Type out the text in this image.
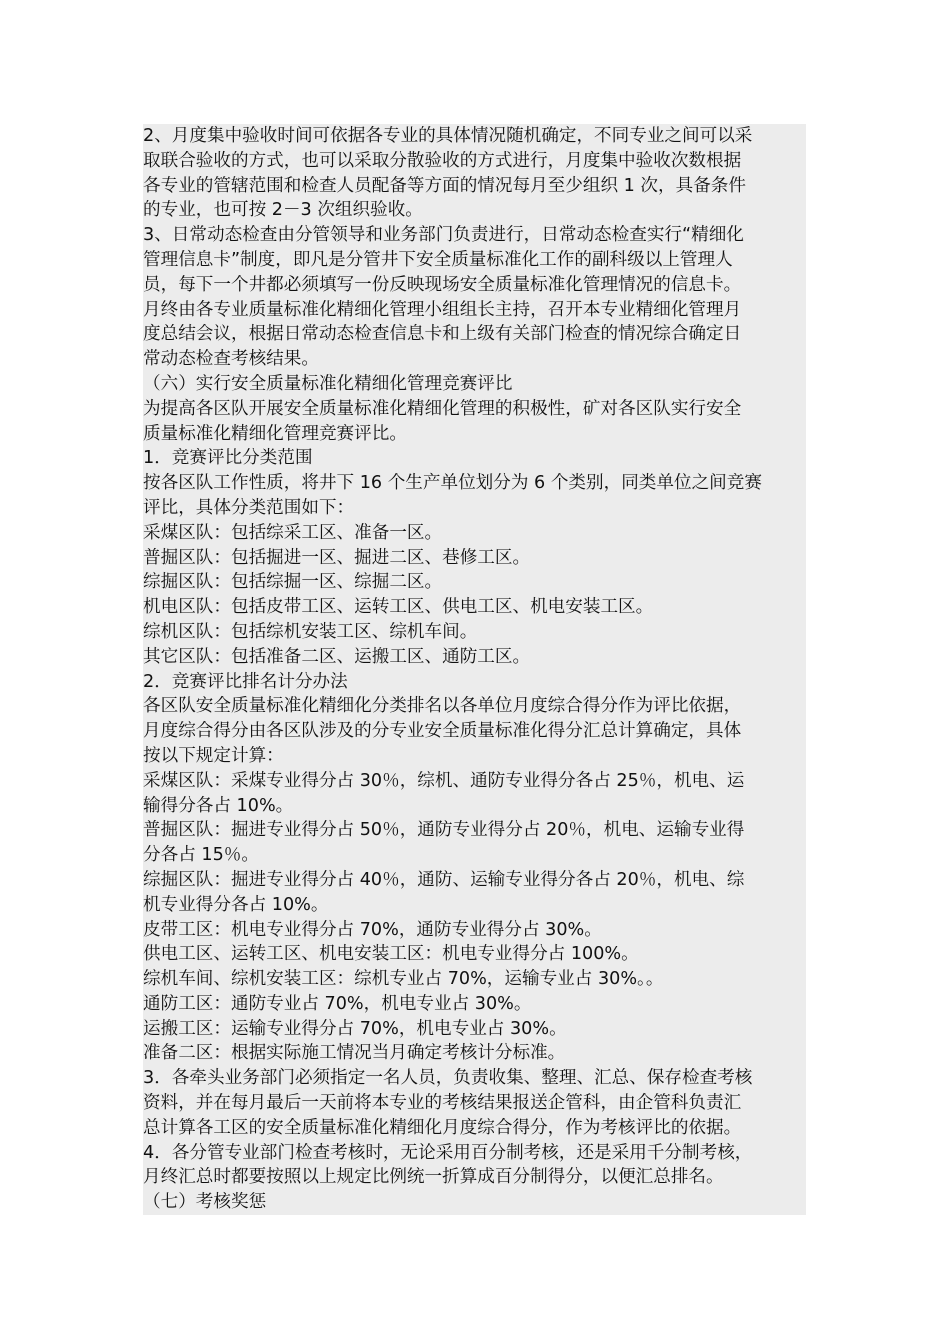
2、月度集中验收时间可依据各专业的具体情况随机确定，不同专业之间可以采
取联合验收的方式，也可以采取分散验收的方式进行，月度集中验收次数根据
各专业的管辖范围和检查人员配备等方面的情况每月至少组织 1 次，具备条件
的专业，也可按 2－3 次组织验收。
3、日常动态检查由分管领导和业务部门负责进行，日常动态检查实行“精细化
管理信息卡”制度，即凡是分管井下安全质量标准化工作的副科级以上管理人
员，每下一个井都必须填写一份反映现场安全质量标准化管理情况的信息卡。
月终由各专业质量标准化精细化管理小组组长主持，召开本专业精细化管理月
度总结会议，根据日常动态检查信息卡和上级有关部门检查的情况综合确定日
常动态检查考核结果。
（六）实行安全质量标准化精细化管理竞赛评比
为提高各区队开展安全质量标准化精细化管理的积极性，矿对各区队实行安全
质量标准化精细化管理竞赛评比。
1．竞赛评比分类范围
按各区队工作性质，将井下 16 个生产单位划分为 6 个类别，同类单位之间竞赛
评比，具体分类范围如下：
采煤区队：包括综采工区、准备一区。
普掘区队：包括掘进一区、掘进二区、巷修工区。
综掘区队：包括综掘一区、综掘二区。
机电区队：包括皮带工区、运转工区、供电工区、机电安装工区。
综机区队：包括综机安装工区、综机车间。
其它区队：包括准备二区、运搬工区、通防工区。
2．竞赛评比排名计分办法
各区队安全质量标准化精细化分类排名以各单位月度综合得分作为评比依据，
月度综合得分由各区队涉及的分专业安全质量标准化得分汇总计算确定，具体
按以下规定计算：
采煤区队：采煤专业得分占 30％，综机、通防专业得分各占 25％，机电、运
输得分各占 10%。
普掘区队：掘进专业得分占 50％，通防专业得分占 20％，机电、运输专业得
分各占 15％。
综掘区队：掘进专业得分占 40％，通防、运输专业得分各占 20％，机电、综
机专业得分各占 10%。
皮带工区：机电专业得分占 70%，通防专业得分占 30%。
供电工区、运转工区、机电安装工区：机电专业得分占 100%。
综机车间、综机安装工区：综机专业占 70%，运输专业占 30%。。
通防工区：通防专业占 70%，机电专业占 30%。
运搬工区：运输专业得分占 70%，机电专业占 30%。
准备二区：根据实际施工情况当月确定考核计分标准。
3．各牵头业务部门必须指定一名人员，负责收集、整理、汇总、保存检查考核
资料，并在每月最后一天前将本专业的考核结果报送企管科，由企管科负责汇
总计算各工区的安全质量标准化精细化月度综合得分，作为考核评比的依据。
4．各分管专业部门检查考核时，无论采用百分制考核，还是采用千分制考核，
月终汇总时都要按照以上规定比例统一折算成百分制得分，以便汇总排名。
（七）考核奖惩
